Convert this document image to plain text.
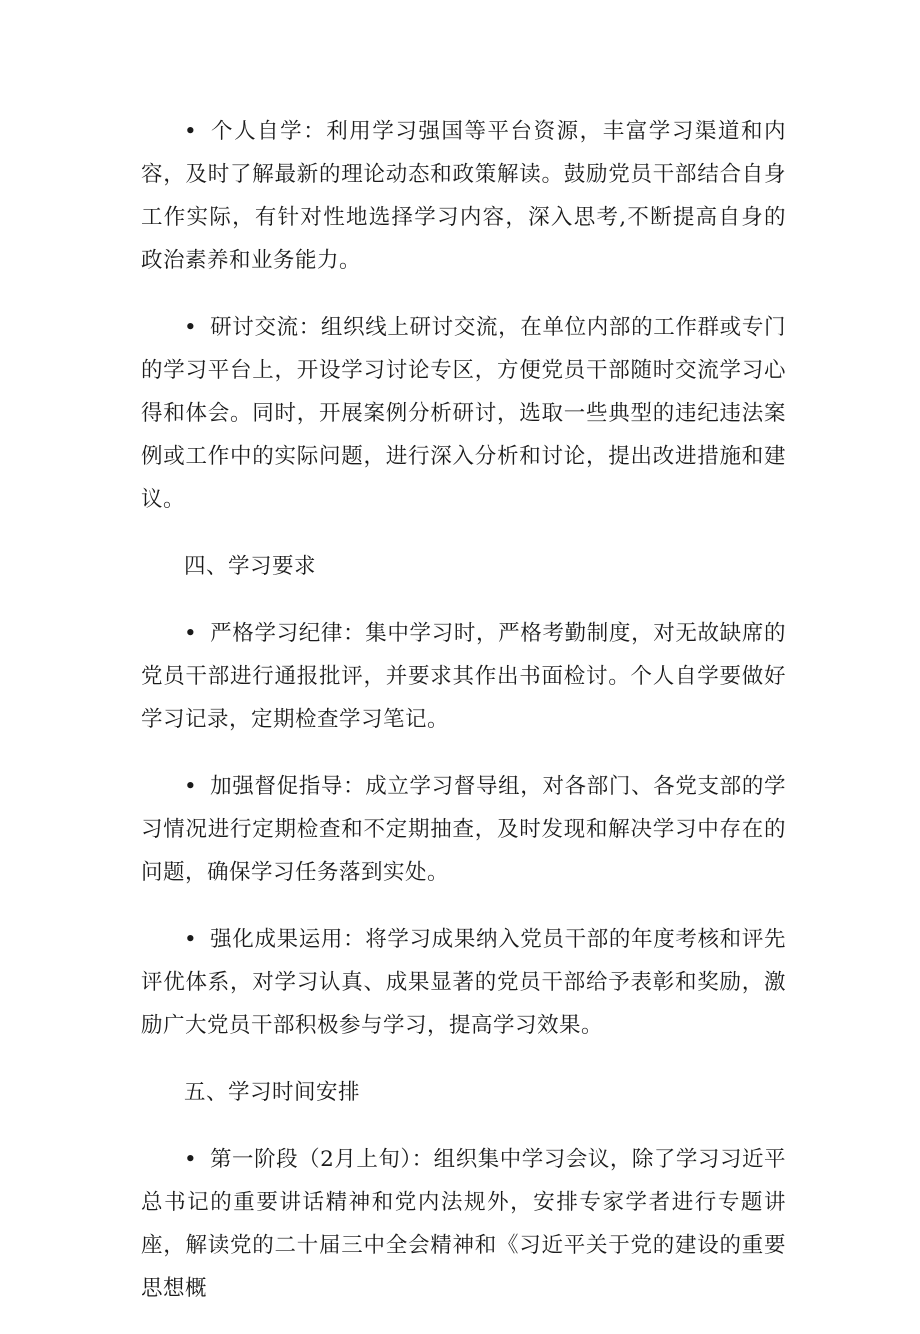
• 个人自学：利用学习强国等平台资源，丰富学习渠道和内容，及时了解最新的理论动态和政策解读。鼓励党员干部结合自身工作实际，有针对性地选择学习内容，深入思考,不断提高自身的政治素养和业务能力。

• 研讨交流：组织线上研讨交流，在单位内部的工作群或专门的学习平台上，开设学习讨论专区，方便党员干部随时交流学习心得和体会。同时，开展案例分析研讨，选取一些典型的违纪违法案例或工作中的实际问题，进行深入分析和讨论，提出改进措施和建议。

四、学习要求

• 严格学习纪律：集中学习时，严格考勤制度，对无故缺席的党员干部进行通报批评，并要求其作出书面检讨。个人自学要做好学习记录，定期检查学习笔记。

• 加强督促指导：成立学习督导组，对各部门、各党支部的学习情况进行定期检查和不定期抽查，及时发现和解决学习中存在的问题，确保学习任务落到实处。

• 强化成果运用：将学习成果纳入党员干部的年度考核和评先评优体系，对学习认真、成果显著的党员干部给予表彰和奖励，激励广大党员干部积极参与学习，提高学习效果。

五、学习时间安排

• 第一阶段（2月上旬）：组织集中学习会议，除了学习习近平总书记的重要讲话精神和党内法规外，安排专家学者进行专题讲座，解读党的二十届三中全会精神和《习近平关于党的建设的重要思想概
